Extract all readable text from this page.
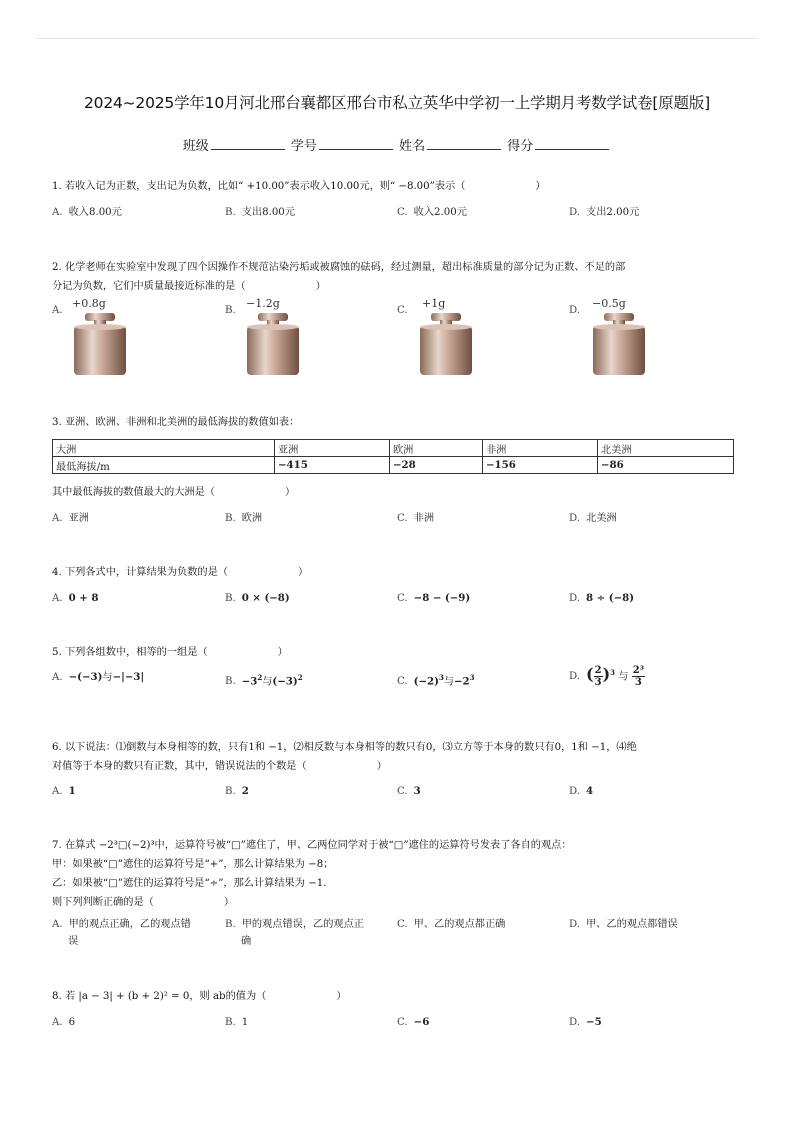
2024~2025学年10月河北邢台襄都区邢台市私立英华中学初一上学期月考数学试卷[原题版]
班级	学号	姓名	得分
1. 若收入记为正数，支出记为负数，比如“ +10.00”表示收入10.00元，则“ −8.00”表示（	）
A. 收入8.00元	B. 支出8.00元	C. 收入2.00元	D. 支出2.00元
2. 化学老师在实验室中发现了四个因操作不规范沾染污垢或被腐蚀的砝码，经过测量，超出标准质量的部分记为正数、不足的部
分记为负数，它们中质量最接近标准的是（	）
A.
+0.8g
B.
−1.2g
C.
+1g
D.
−0.5g
3. 亚洲、欧洲、非洲和北美洲的最低海拔的数值如表：
大洲	亚洲	欧洲	非洲	北美洲
最低海拔/m	−415	−28	−156	−86
其中最低海拔的数值最大的大洲是（	）
A. 亚洲	B. 欧洲	C. 非洲	D. 北美洲
4. 下列各式中，计算结果为负数的是（	）
A. 0 + 8	B. 0 × (−8)	C. −8 − (−9)	D. 8 ÷ (−8)
5. 下列各组数中，相等的一组是（	）
A. −(−3)与−|−3|	B. $-3^2$与$(-3)^2$	C. $(-2)^3$与$-2^3$	D. ( $\frac{2}{3} )^3$ 与 $\frac{\text{2³}}{3}$
6. 以下说法：⑴倒数与本身相等的数，只有1和 −1，⑵相反数与本身相等的数只有0，⑶立方等于本身的数只有0，1和 −1，⑷绝
对值等于本身的数只有正数，其中，错误说法的个数是（	）
A. 1	B. 2	C. 3	D. 4
7. 在算式 −2³□(−2)³中，运算符号被“□”遮住了，甲、乙两位同学对于被“□”遮住的运算符号发表了各自的观点：
甲：如果被“□”遮住的运算符号是“+”，那么计算结果为 −8；
乙：如果被“□”遮住的运算符号是“÷”，那么计算结果为 −1.
则下列判断正确的是（	）
A. 甲的观点正确，乙的观点错
误
B. 甲的观点错误，乙的观点正
确
C. 甲、乙的观点都正确	D. 甲、乙的观点都错误
8. 若 |a − 3| + (b + 2)² = 0，则 ab的值为（	）
A. 6	B. 1	C. −6	D. −5
